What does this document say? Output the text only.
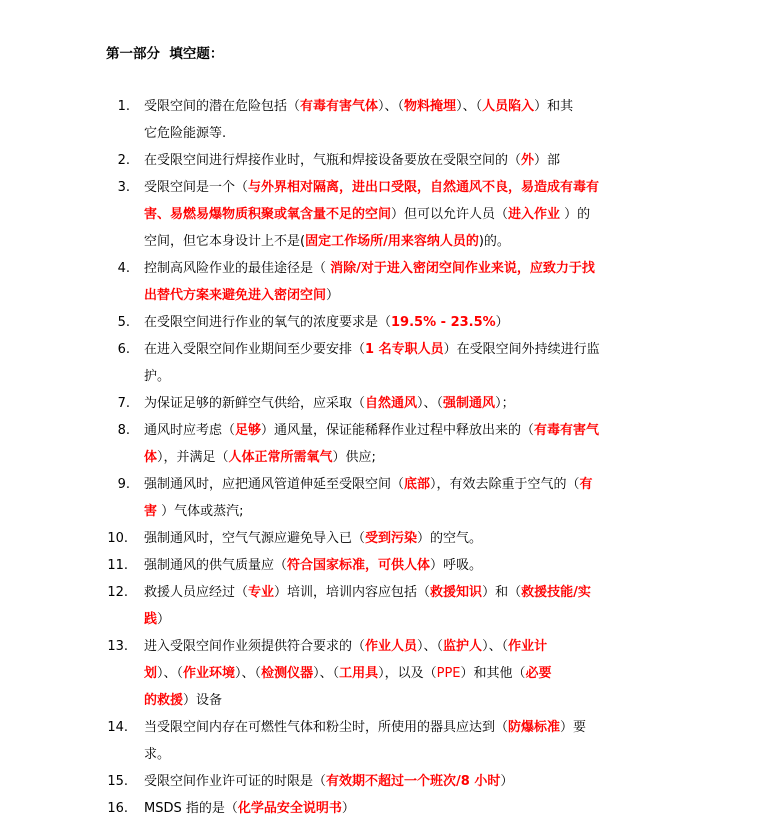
第一部分  填空题：
1. 受限空间的潜在危险包括（有毒有害气体）、（物料掩埋）、（人员陷入）和其
它危险能源等.
2. 在受限空间进行焊接作业时，气瓶和焊接设备要放在受限空间的（外）部
3. 受限空间是一个（与外界相对隔离，进出口受限，自然通风不良，易造成有毒有
害、易燃易爆物质积聚或氧含量不足的空间）但可以允许人员（进入作业 ）的
空间，但它本身设计上不是(固定工作场所/用来容纳人员的)的。
4. 控制高风险作业的最佳途径是（ 消除/对于进入密闭空间作业来说，应致力于找
出替代方案来避免进入密闭空间）
5. 在受限空间进行作业的氧气的浓度要求是（19.5% - 23.5%）
6. 在进入受限空间作业期间至少要安排（1 名专职人员）在受限空间外持续进行监
护。
7. 为保证足够的新鲜空气供给，应采取（自然通风）、（强制通风）；
8. 通风时应考虑（足够）通风量，保证能稀释作业过程中释放出来的（有毒有害气
体），并满足（人体正常所需氧气）供应;
9. 强制通风时，应把通风管道伸延至受限空间（底部），有效去除重于空气的（有
害 ）气体或蒸汽;
10. 强制通风时，空气气源应避免导入已（受到污染）的空气。
11. 强制通风的供气质量应（符合国家标准，可供人体）呼吸。
12. 救援人员应经过（专业）培训，培训内容应包括（救援知识）和（救援技能/实
践）
13. 进入受限空间作业须提供符合要求的（作业人员）、（监护人）、（作业计
划）、（作业环境）、（检测仪器）、（工用具），以及（PPE）和其他（必要
的救援）设备
14. 当受限空间内存在可燃性气体和粉尘时，所使用的器具应达到（防爆标准）要
求。
15. 受限空间作业许可证的时限是（有效期不超过一个班次/8 小时）
16. MSDS 指的是（化学品安全说明书）
